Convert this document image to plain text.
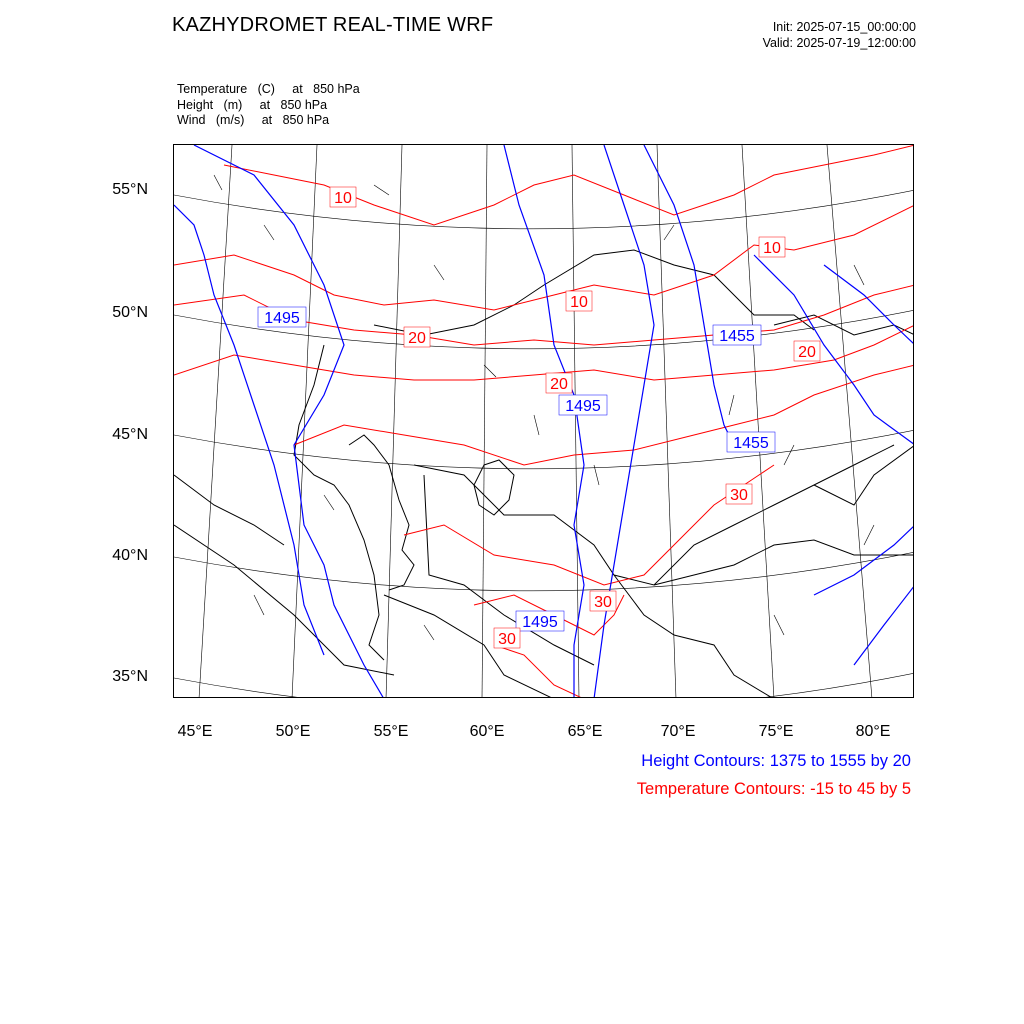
KAZHYDROMET REAL-TIME WRF	Init: 2025-07-15_00:00:00
Valid: 2025-07-19_12:00:00
Temperature   (C)     at   850 hPa
Height   (m)     at   850 hPa
Wind   (m/s)     at   850 hPa
1495
1455
1495
1455
1495
10
10
10
20
20
20
30
30
30
55°N
50°N
45°N
40°N
35°N
45°E	50°E	55°E	60°E	65°E	70°E	75°E	80°E
Height Contours: 1375 to 1555 by 20
Temperature Contours: -15 to 45 by 5
